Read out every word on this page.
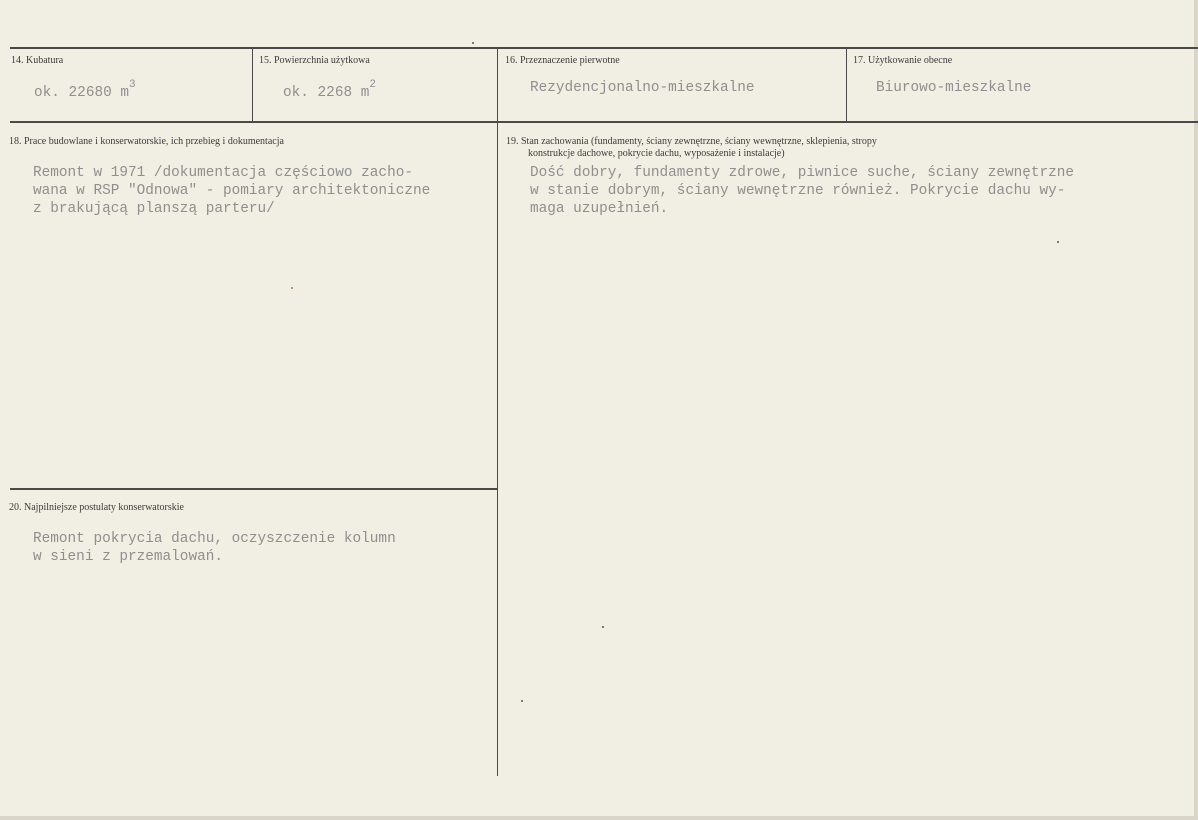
14. Kubatura
ok. 22680 $m^3$
15. Powierzchnia użytkowa
ok. 2268 $m^2$
16. Przeznaczenie pierwotne
Rezydencjonalno-mieszkalne
17. Użytkowanie obecne
Biurowo-mieszkalne
18. Prace budowlane i konserwatorskie, ich przebieg i dokumentacja
Remont w 1971 /dokumentacja częściowo zacho-
wana w RSP "Odnowa" - pomiary architektoniczne
z brakującą planszą parteru/
19. Stan zachowania (fundamenty, ściany zewnętrzne, ściany wewnętrzne, sklepienia, stropy
konstrukcje dachowe, pokrycie dachu, wyposażenie i instalacje)
Dość dobry, fundamenty zdrowe, piwnice suche, ściany zewnętrzne
w stanie dobrym, ściany wewnętrzne również. Pokrycie dachu wy-
maga uzupełnień.
20. Najpilniejsze postulaty konserwatorskie
Remont pokrycia dachu, oczyszczenie kolumn
w sieni z przemalowań.
